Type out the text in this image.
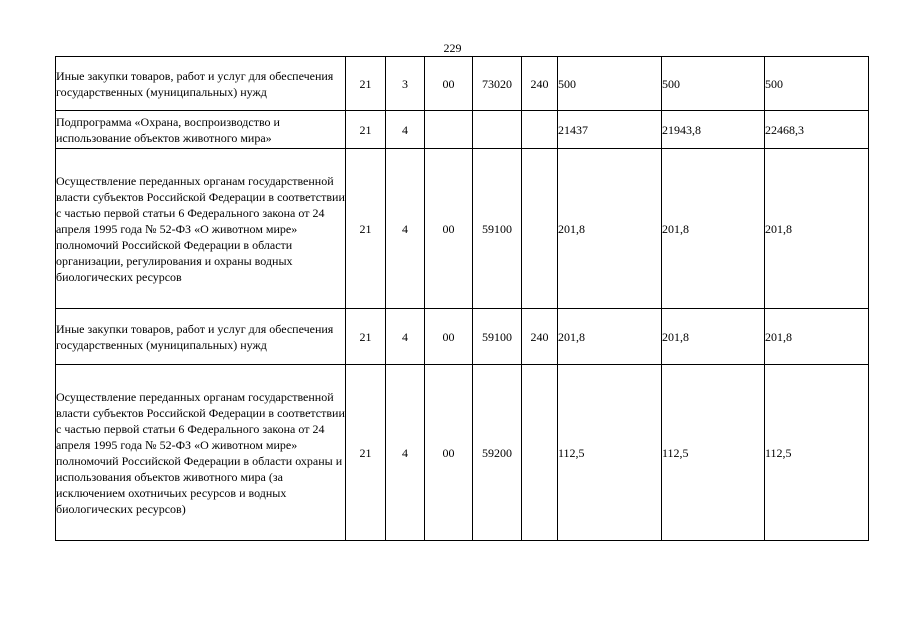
229
Иные закупки товаров, работ и услуг для обеспечения государственных (муниципальных) нужд	21	3	00	73020	240	500	500	500
Подпрограмма «Охрана, воспроизводство и использование объектов животного мира»	21	4				21437	21943,8	22468,3
Осуществление переданных органам государственной власти субъектов Российской Федерации в соответствии с частью первой статьи 6 Федерального закона от 24 апреля 1995 года № 52-ФЗ «О животном мире» полномочий Российской Федерации в области организации, регулирования и охраны водных биологических ресурсов	21	4	00	59100		201,8	201,8	201,8
Иные закупки товаров, работ и услуг для обеспечения государственных (муниципальных) нужд	21	4	00	59100	240	201,8	201,8	201,8
Осуществление переданных органам государственной власти субъектов Российской Федерации в соответствии с частью первой статьи 6 Федерального закона от 24 апреля 1995 года № 52-ФЗ «О животном мире» полномочий Российской Федерации в области охраны и использования объектов животного мира (за исключением охотничьих ресурсов и водных биологических ресурсов)	21	4	00	59200		112,5	112,5	112,5
